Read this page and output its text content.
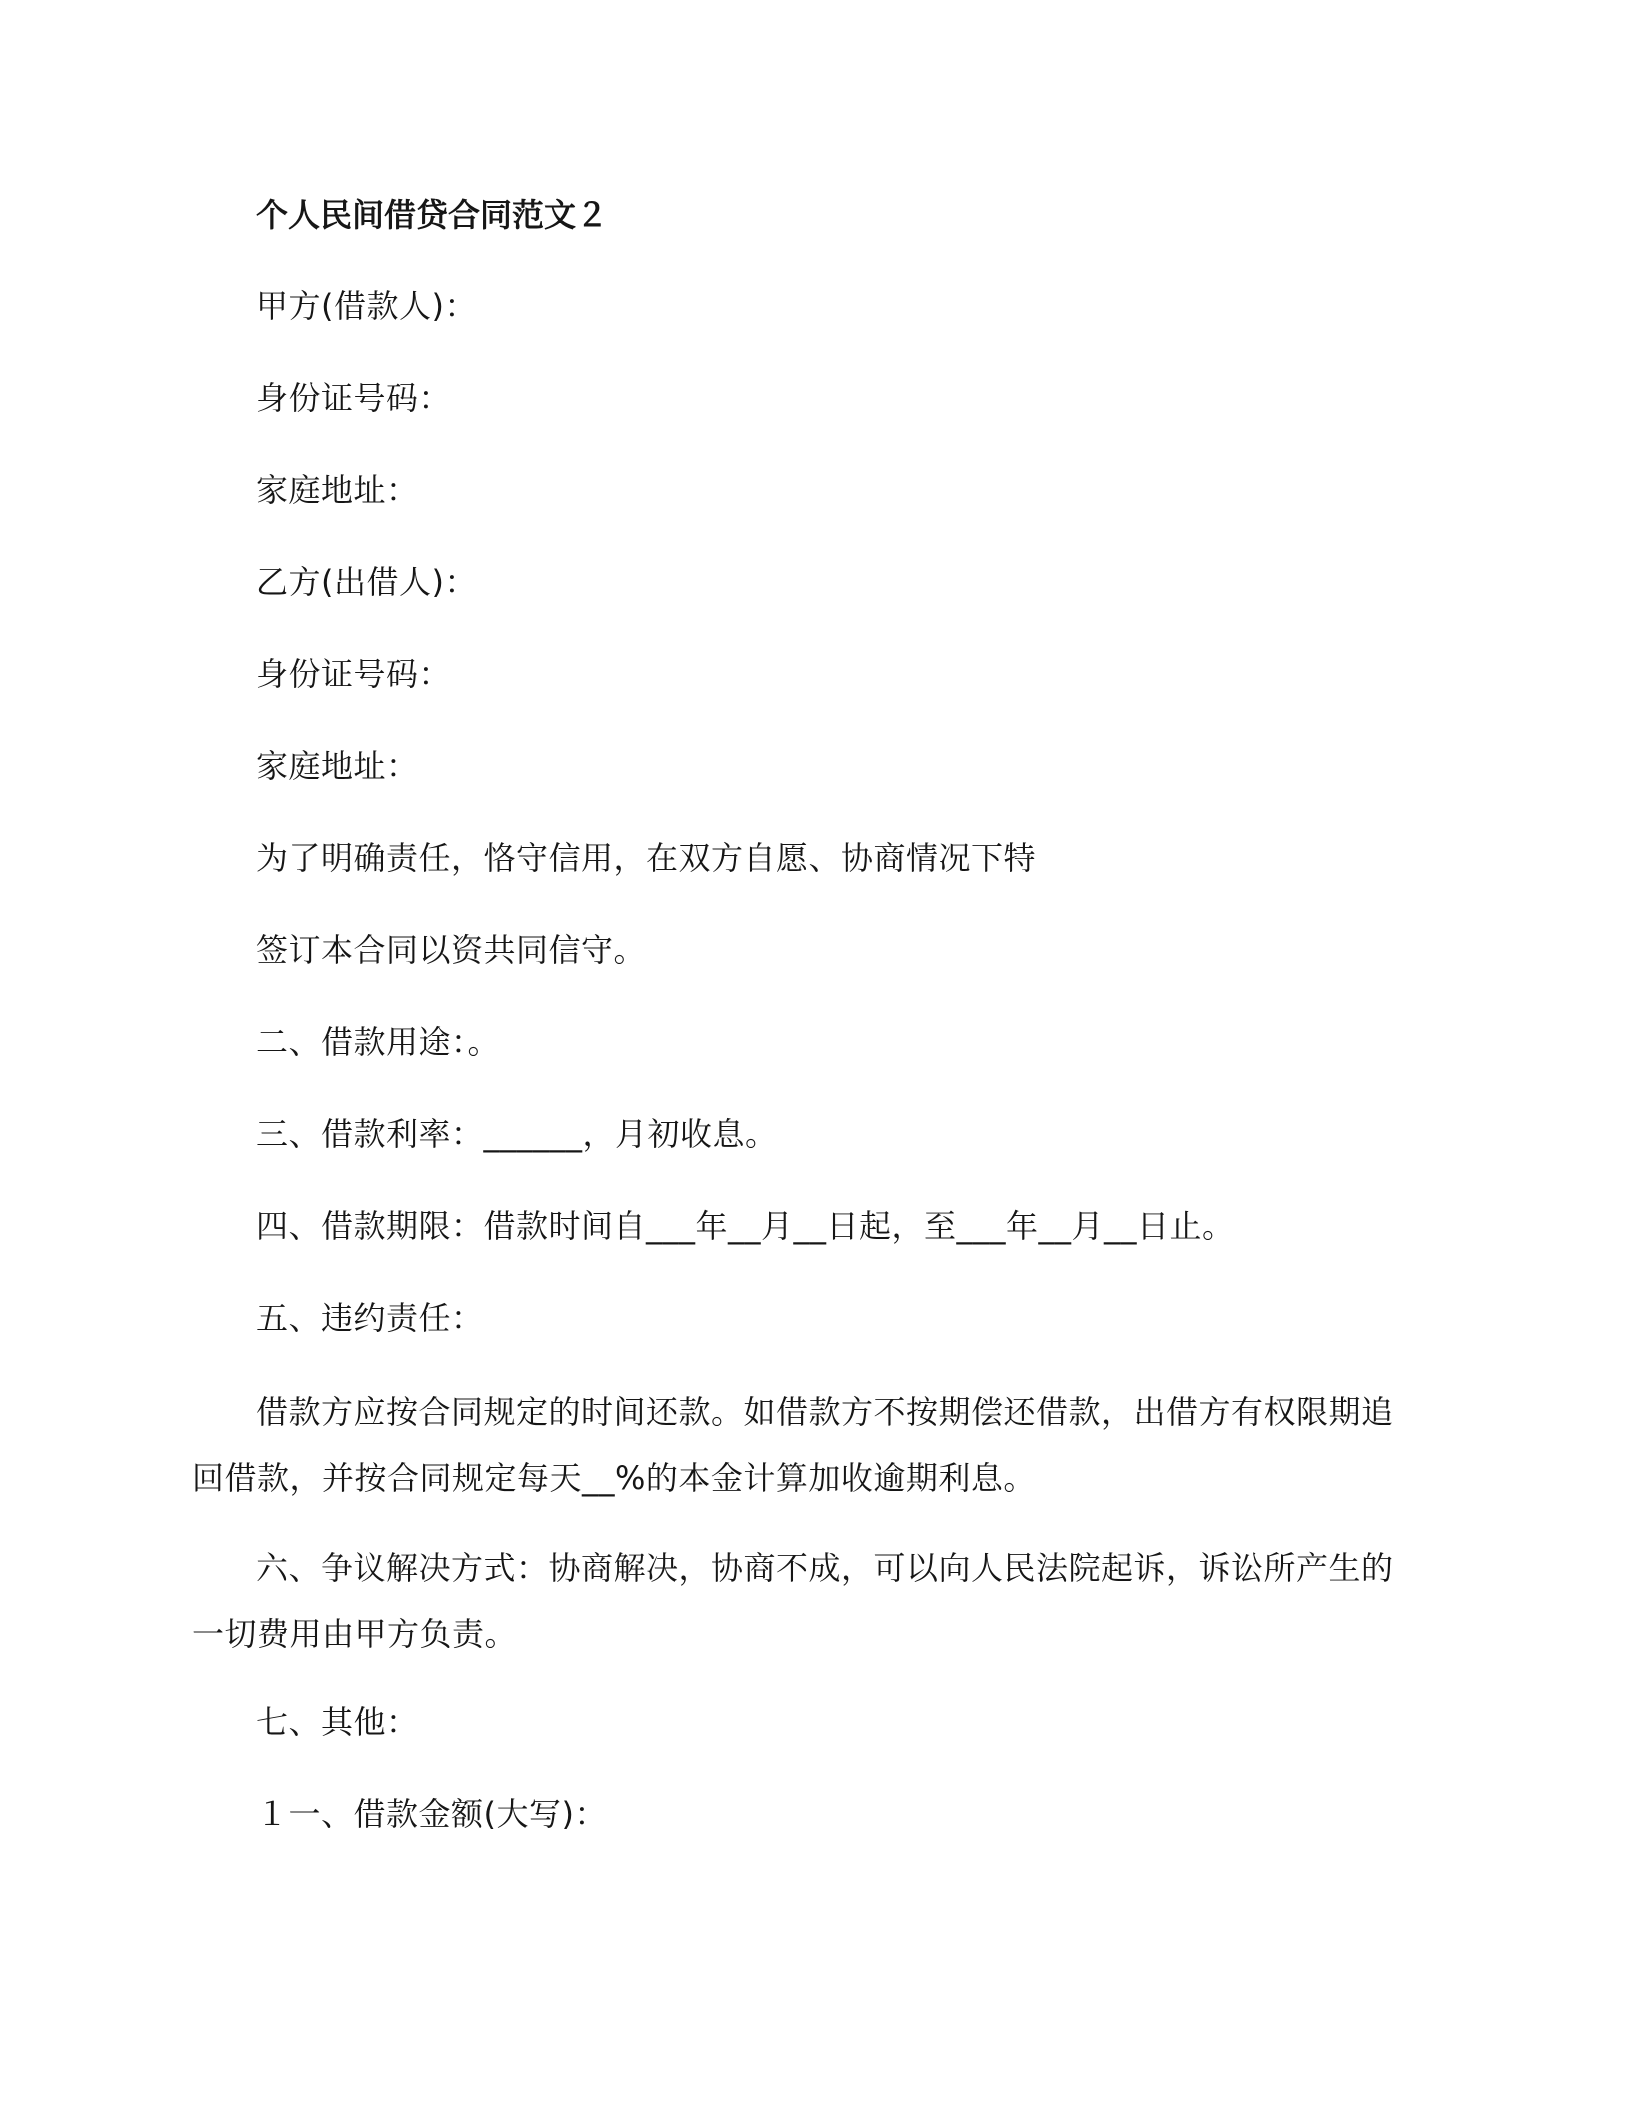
个人民间借贷合同范文２

甲方(借款人)：

身份证号码：

家庭地址：

乙方(出借人)：

身份证号码：

家庭地址：

为了明确责任，恪守信用，在双方自愿、协商情况下特

签订本合同以资共同信守。

二、借款用途：。

三、借款利率：______，月初收息。

四、借款期限：借款时间自___年__月__日起，至___年__月__日止。

五、违约责任：

借款方应按合同规定的时间还款。如借款方不按期偿还借款，出借方有权限期追回借款，并按合同规定每天__%的本金计算加收逾期利息。

六、争议解决方式：协商解决，协商不成，可以向人民法院起诉，诉讼所产生的一切费用由甲方负责。

七、其他：

１一、借款金额(大写)：
